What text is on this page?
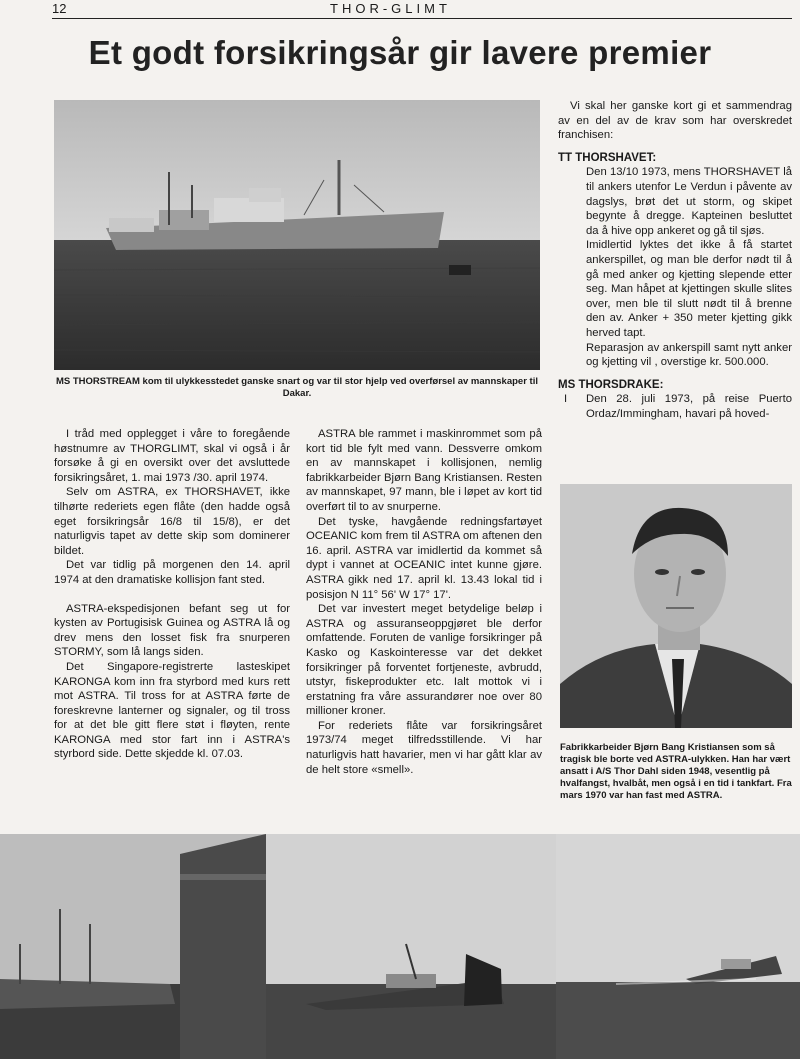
12	THOR-GLIMT
Et godt forsikringsår gir lavere premier
MS THORSTREAM kom til ulykkesstedet ganske snart og var til stor hjelp ved overførsel av mannskaper til Dakar.

I tråd med opplegget i våre to foregående høstnumre av THORGLIMT, skal vi også i år forsøke å gi en oversikt over det avsluttede forsikringsåret, 1. mai 1973 /30. april 1974.

Selv om ASTRA, ex THORSHAVET, ikke tilhørte rederiets egen flåte (den hadde også eget forsikringsår 16/8 til 15/8), er det naturligvis tapet av dette skip som dominerer bildet.

Det var tidlig på morgenen den 14. april 1974 at den dramatiske kollisjon fant sted.

ASTRA-ekspedisjonen befant seg ut for kysten av Portugisisk Guinea og ASTRA lå og drev mens den losset fisk fra snurperen STORMY, som lå langs siden.

Det Singapore-registrerte lasteskipet KARONGA kom inn fra styrbord med kurs rett mot ASTRA. Til tross for at ASTRA førte de foreskrevne lanterner og signaler, og til tross for at det ble gitt flere støt i fløyten, rente KARONGA med stor fart inn i ASTRA's styrbord side. Dette skjedde kl. 07.03.

ASTRA ble rammet i maskinrommet som på kort tid ble fylt med vann. Dessverre omkom en av mannskapet i kollisjonen, nemlig fabrikkarbeider Bjørn Bang Kristiansen. Resten av mannskapet, 97 mann, ble i løpet av kort tid overført til to av snurperne.

Det tyske, havgående redningsfartøyet OCEANIC kom frem til ASTRA om aftenen den 16. april. ASTRA var imidlertid da kommet så dypt i vannet at OCEANIC intet kunne gjøre. ASTRA gikk ned 17. april kl. 13.43 lokal tid i posisjon N 11° 56' W 17° 17'.

Det var investert meget betydelige beløp i ASTRA og assuranseoppgjøret ble derfor omfattende. Foruten de vanlige forsikringer på Kasko og Kaskointeresse var det dekket forsikringer på forventet fortjeneste, avbrudd, utstyr, fiskeprodukter etc. Ialt mottok vi i erstatning fra våre assurandører noe over 80 millioner kroner.

For rederiets flåte var forsikringsåret 1973/74 meget tilfredsstillende. Vi har naturligvis hatt havarier, men vi har gått klar av de helt store «smell».

Vi skal her ganske kort gi et sammendrag av en del av de krav som har overskredet franchisen:

TT THORSHAVET:

Den 13/10 1973, mens THORSHAVET lå til ankers utenfor Le Verdun i påvente av dagslys, brøt det ut storm, og skipet begynte å dregge. Kapteinen besluttet da å hive opp ankeret og gå til sjøs.

Imidlertid lyktes det ikke å få startet ankerspillet, og man ble derfor nødt til å gå med anker og kjetting slepende etter seg. Man håpet at kjettingen skulle slites over, men ble til slutt nødt til å brenne den av. Anker + 350 meter kjetting gikk herved tapt.

Reparasjon av ankerspill samt nytt anker og kjetting vil , overstige kr. 500.000.

MS THORSDRAKE:
I Den 28. juli 1973, på reise Puerto Ordaz/Immingham, havari på hoved-

Fabrikkarbeider Bjørn Bang Kristiansen som så tragisk ble borte ved ASTRA-ulykken. Han har vært ansatt i A/S Thor Dahl siden 1948, vesentlig på hvalfangst, hvalbåt, men også i en tid i tankfart. Fra mars 1970 var han fast med ASTRA.
